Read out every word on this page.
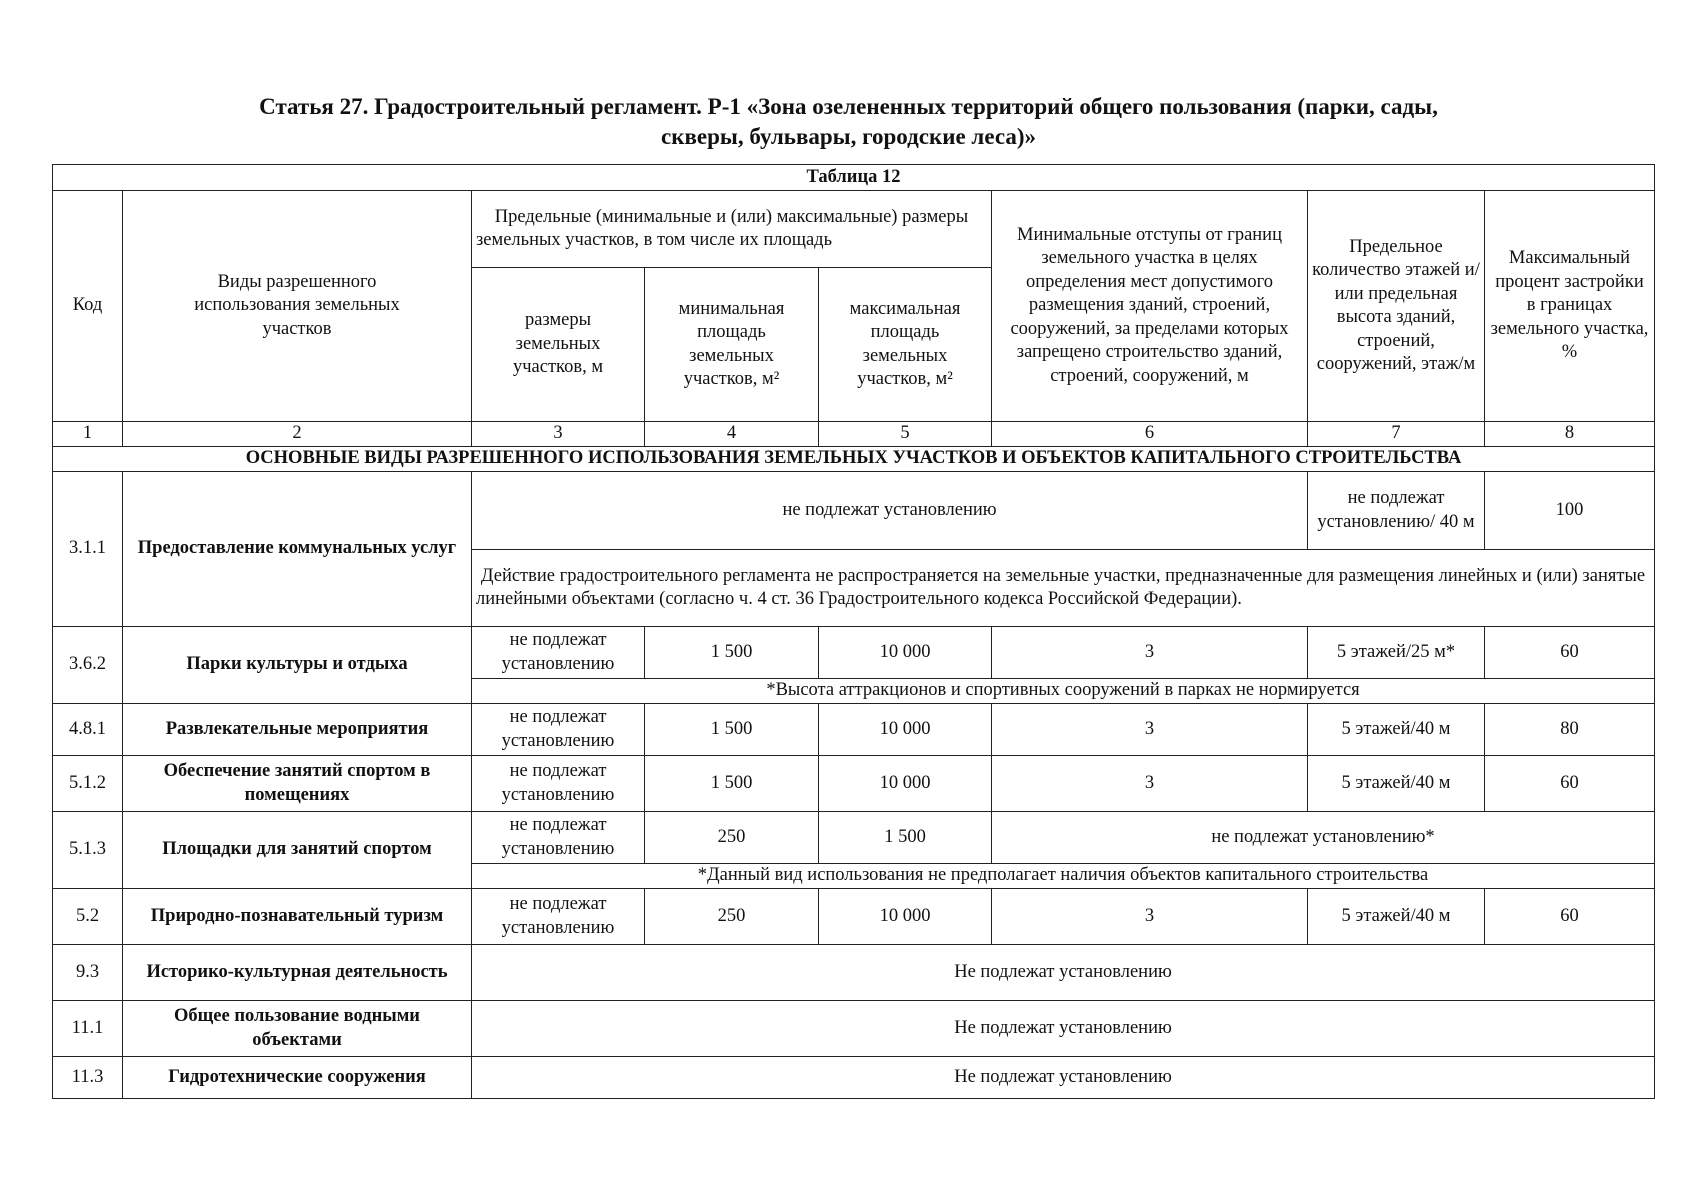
Статья 27. Градостроительный регламент. Р-1 «Зона озелененных территорий общего пользования (парки, сады,
скверы, бульвары, городские леса)»
Таблица 12							
Код	Виды разрешенного использования земельных участков	Предельные (минимальные и (или) максимальные) размеры земельных участков, в том числе их площадь			Минимальные отступы от границ земельного участка в целях определения мест допустимого размещения зданий, строений, сооружений, за пределами которых запрещено строительство зданий, строений, сооружений, м	Предельное количество этажей и/или предельная высота зданий, строений, сооружений, этаж/м	Максимальный процент застройки в границах земельного участка, %
		размеры земельных участков, м	минимальная площадь земельных участков, м²	максимальная площадь земельных участков, м²			
1	2	3	4	5	6	7	8
ОСНОВНЫЕ ВИДЫ РАЗРЕШЕННОГО ИСПОЛЬЗОВАНИЯ ЗЕМЕЛЬНЫХ УЧАСТКОВ И ОБЪЕКТОВ КАПИТАЛЬНОГО СТРОИТЕЛЬСТВА							
3.1.1	Предоставление коммунальных услуг	не подлежат установлению				не подлежат установлению/ 40 м	100
		Действие градостроительного регламента не распространяется на земельные участки, предназначенные для размещения линейных и (или) занятые линейными объектами (согласно ч. 4 ст. 36 Градостроительного кодекса Российской Федерации).					
3.6.2	Парки культуры и отдыха	не подлежат установлению	1 500	10 000	3	5 этажей/25 м*	60
		*Высота аттракционов и спортивных сооружений в парках не нормируется					
4.8.1	Развлекательные мероприятия	не подлежат установлению	1 500	10 000	3	5 этажей/40 м	80
5.1.2	Обеспечение занятий спортом в помещениях	не подлежат установлению	1 500	10 000	3	5 этажей/40 м	60
5.1.3	Площадки для занятий спортом	не подлежат установлению	250	1 500	не подлежат установлению*		
		*Данный вид использования не предполагает наличия объектов капитального строительства					
5.2	Природно-познавательный туризм	не подлежат установлению	250	10 000	3	5 этажей/40 м	60
9.3	Историко-культурная деятельность	Не подлежат установлению					
11.1	Общее пользование водными объектами	Не подлежат установлению					
11.3	Гидротехнические сооружения	Не подлежат установлению					
